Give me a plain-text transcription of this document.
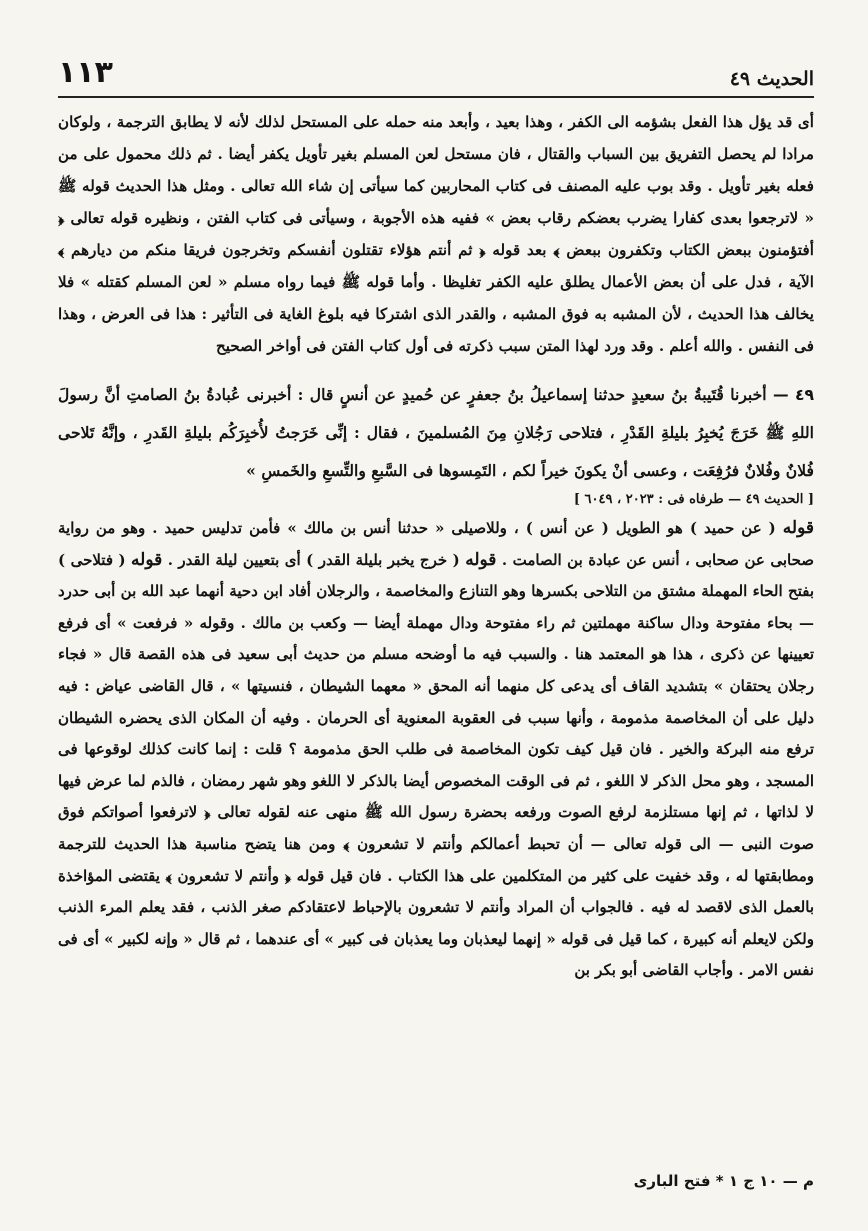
الحديث ٤٩
١١٣

أى قد يؤل هذا الفعل بشؤمه الى الكفر ، وهذا بعيد ، وأبعد منه حمله على المستحل لذلك لأنه لا يطابق الترجمة ، ولوكان مرادا لم يحصل التفريق بين السباب والقتال ، فان مستحل لعن المسلم بغير تأويل يكفر أيضا . ثم ذلك محمول على من فعله بغير تأويل . وقد بوب عليه المصنف فى كتاب المحاربين كما سيأتى إن شاء الله تعالى . ومثل هذا الحديث قوله ﷺ « لاترجعوا بعدى كفارا يضرب بعضكم رقاب بعض » ففيه هذه الأجوبة ، وسيأتى فى كتاب الفتن ، ونظيره قوله تعالى ﴿ أفتؤمنون ببعض الكتاب وتكفرون ببعض ﴾ بعد قوله ﴿ ثم أنتم هؤلاء تقتلون أنفسكم وتخرجون فريقا منكم من ديارهم ﴾ الآية ، فدل على أن بعض الأعمال يطلق عليه الكفر تغليظا . وأما قوله ﷺ فيما رواه مسلم « لعن المسلم كقتله » فلا يخالف هذا الحديث ، لأن المشبه به فوق المشبه ، والقدر الذى اشتركا فيه بلوغ الغاية فى التأثير : هذا فى العرض ، وهذا فى النفس . والله أعلم . وقد ورد لهذا المتن سبب ذكرته فى أول كتاب الفتن فى أواخر الصحيح

٤٩ — أخبرنا قُتَيبةُ بنُ سعيدٍ حدثنا إسماعيلُ بنُ جعفرٍ عن حُميدٍ عن أنسٍ قال : أخبرنى عُبادةُ بنُ الصامتِ أنَّ رسولَ اللهِ ﷺ خَرَجَ يُخبِرُ بليلةِ القَدْرِ ، فتلاحى رَجُلانِ مِنَ المُسلمينَ ، فقال : إنِّى خَرَجتُ لأُخبِرَكُم بليلةِ القَدرِ ، وإنَّهُ تَلاحى فُلانٌ وفُلانٌ فرُفِعَت ، وعسى أنْ يكونَ خيراً لكم ، التَمِسوها فى السَّبعِ والتِّسعِ والخَمسِ »
[ الحديث ٤٩ — طرفاه فى : ٢٠٢٣ ، ٦٠٤٩ ]
قوله ( عن حميد ) هو الطويل ( عن أنس ) ، وللاصيلى « حدثنا أنس بن مالك » فأمن تدليس حميد . وهو من رواية صحابى عن صحابى ، أنس عن عبادة بن الصامت . قوله ( خرج يخبر بليلة القدر ) أى بتعيين ليلة القدر . قوله ( فتلاحى ) بفتح الحاء المهملة مشتق من التلاحى بكسرها وهو التنازع والمخاصمة ، والرجلان أفاد ابن دحية أنهما عبد الله بن أبى حدرد — بحاء مفتوحة ودال ساكنة مهملتين ثم راء مفتوحة ودال مهملة أيضا — وكعب بن مالك . وقوله « فرفعت » أى فرفع تعيينها عن ذكرى ، هذا هو المعتمد هنا . والسبب فيه ما أوضحه مسلم من حديث أبى سعيد فى هذه القصة قال « فجاء رجلان يحتقان » بتشديد القاف أى يدعى كل منهما أنه المحق « معهما الشيطان ، فنسيتها » ، قال القاضى عياض : فيه دليل على أن المخاصمة مذمومة ، وأنها سبب فى العقوبة المعنوية أى الحرمان . وفيه أن المكان الذى يحضره الشيطان ترفع منه البركة والخير . فان قيل كيف تكون المخاصمة فى طلب الحق مذمومة ؟ قلت : إنما كانت كذلك لوقوعها فى المسجد ، وهو محل الذكر لا اللغو ، ثم فى الوقت المخصوص أيضا بالذكر لا اللغو وهو شهر رمضان ، فالذم لما عرض فيها لا لذاتها ، ثم إنها مستلزمة لرفع الصوت ورفعه بحضرة رسول الله ﷺ منهى عنه لقوله تعالى ﴿ لاترفعوا أصواتكم فوق صوت النبى — الى قوله تعالى — أن تحبط أعمالكم وأنتم لا تشعرون ﴾ ومن هنا يتضح مناسبة هذا الحديث للترجمة ومطابقتها له ، وقد خفيت على كثير من المتكلمين على هذا الكتاب . فان قيل قوله ﴿ وأنتم لا تشعرون ﴾ يقتضى المؤاخذة بالعمل الذى لاقصد له فيه . فالجواب أن المراد وأنتم لا تشعرون بالإحباط لاعتقادكم صغر الذنب ، فقد يعلم المرء الذنب ولكن لايعلم أنه كبيرة ، كما قيل فى قوله « إنهما ليعذبان وما يعذبان فى كبير » أى عندهما ، ثم قال « وإنه لكبير » أى فى نفس الامر . وأجاب القاضى أبو بكر بن
م — ١٠ ج ١ * فتح البارى
